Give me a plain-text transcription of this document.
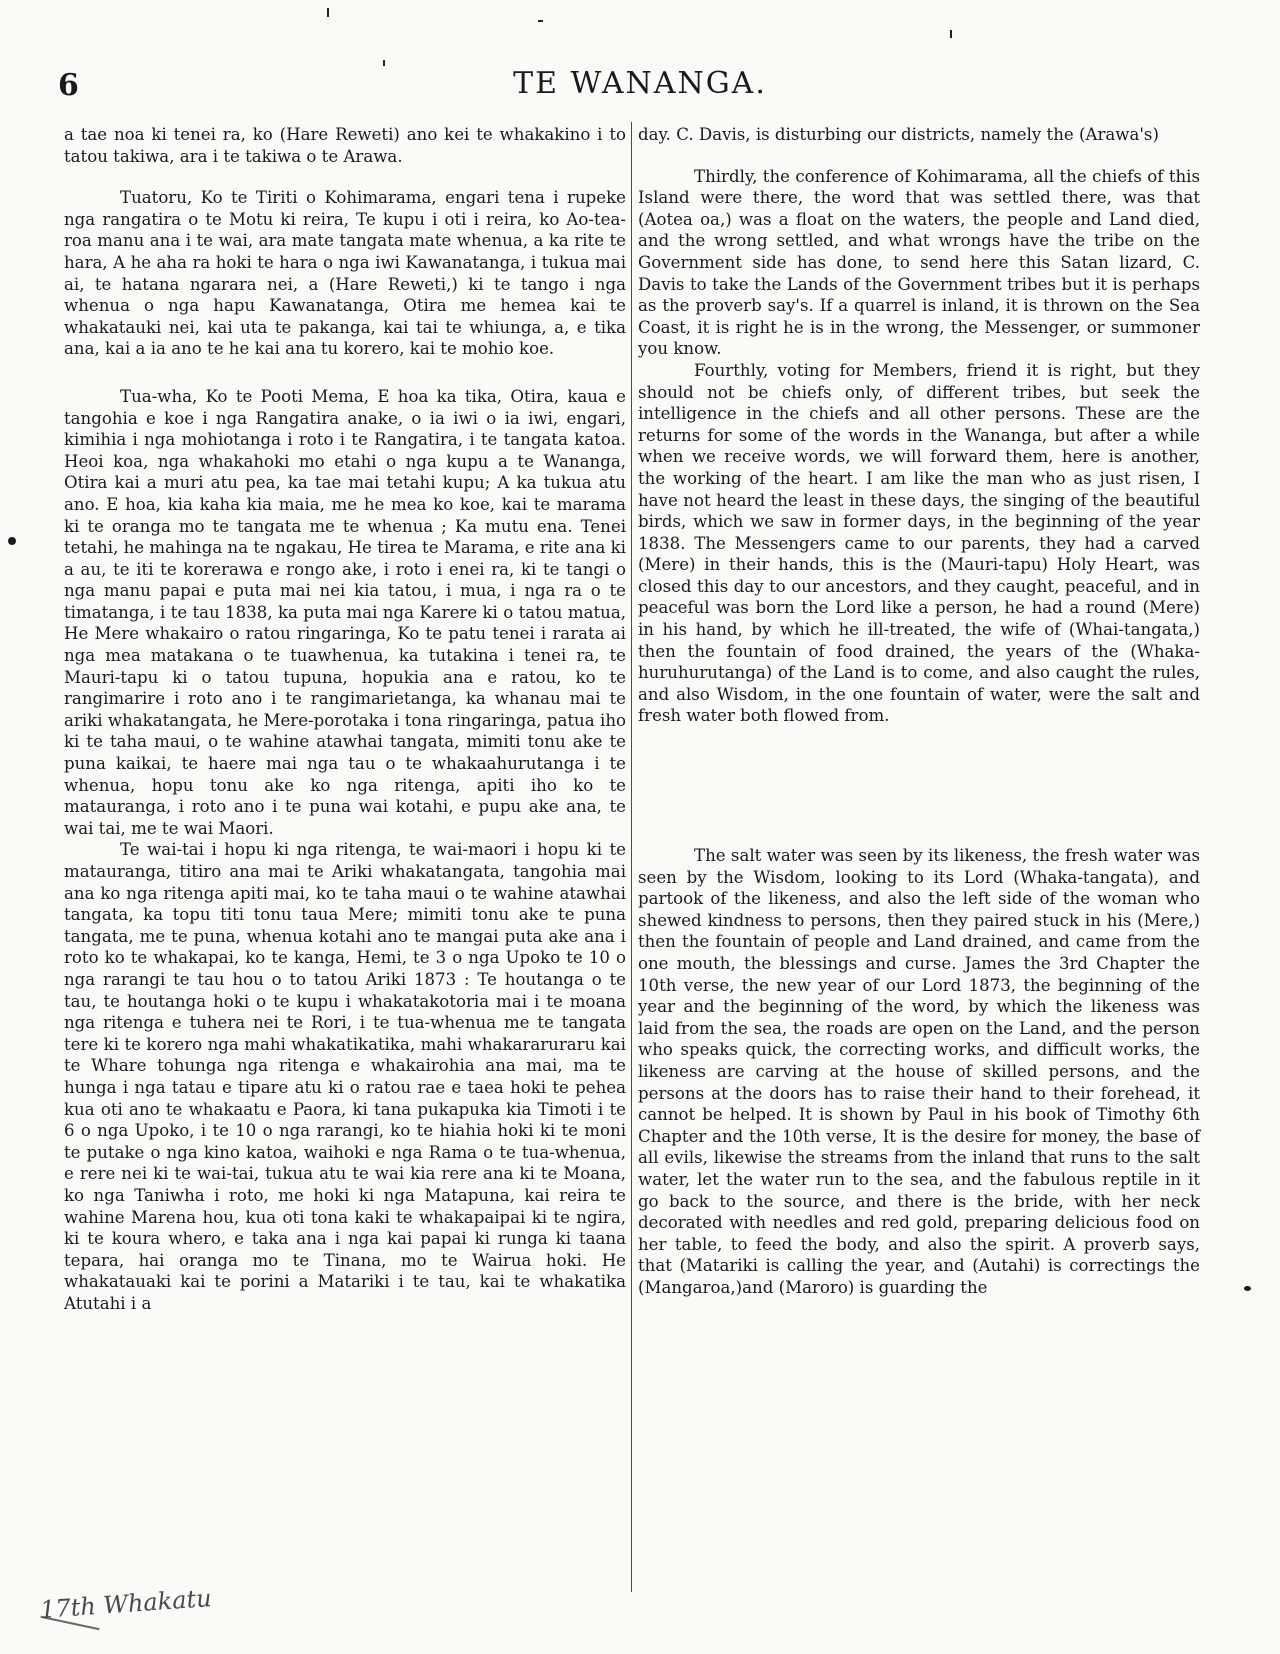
6	TE WANANGA.

a tae noa ki tenei ra, ko (Hare Reweti) ano kei te whakakino i to tatou takiwa, ara i te takiwa o te Arawa.

Tuatoru, Ko te Tiriti o Kohimarama, engari tena i rupeke nga rangatira o te Motu ki reira, Te kupu i oti i reira, ko Ao-tea-roa manu ana i te wai, ara mate tangata mate whenua, a ka rite te hara, A he aha ra hoki te hara o nga iwi Kawanatanga, i tukua mai ai, te hatana ngarara nei, a (Hare Reweti,) ki te tango i nga whenua o nga hapu Kawanatanga, Otira me hemea kai te whakatauki nei, kai uta te pakanga, kai tai te whiunga, a, e tika ana, kai a ia ano te he kai ana tu korero, kai te mohio koe.

Tua-wha, Ko te Pooti Mema, E hoa ka tika, Otira, kaua e tangohia e koe i nga Rangatira anake, o ia iwi o ia iwi, engari, kimihia i nga mohiotanga i roto i te Rangatira, i te tangata katoa. Heoi koa, nga whakahoki mo etahi o nga kupu a te Wananga, Otira kai a muri atu pea, ka tae mai tetahi kupu; A ka tukua atu ano. E hoa, kia kaha kia maia, me he mea ko koe, kai te marama ki te oranga mo te tangata me te whenua ; Ka mutu ena. Tenei tetahi, he mahinga na te ngakau, He tirea te Marama, e rite ana ki a au, te iti te korerawa e rongo ake, i roto i enei ra, ki te tangi o nga manu papai e puta mai nei kia tatou, i mua, i nga ra o te timatanga, i te tau 1838, ka puta mai nga Karere ki o tatou matua, He Mere whakairo o ratou ringaringa, Ko te patu tenei i rarata ai nga mea matakana o te tuawhenua, ka tutakina i tenei ra, te Mauri-tapu ki o tatou tupuna, hopukia ana e ratou, ko te rangimarire i roto ano i te rangimarietanga, ka whanau mai te ariki whakatangata, he Mere-porotaka i tona ringaringa, patua iho ki te taha maui, o te wahine atawhai tangata, mimiti tonu ake te puna kaikai, te haere mai nga tau o te whakaahurutanga i te whenua, hopu tonu ake ko nga ritenga, apiti iho ko te matauranga, i roto ano i te puna wai kotahi, e pupu ake ana, te wai tai, me te wai Maori.

Te wai-tai i hopu ki nga ritenga, te wai-maori i hopu ki te matauranga, titiro ana mai te Ariki whakatangata, tangohia mai ana ko nga ritenga apiti mai, ko te taha maui o te wahine atawhai tangata, ka topu titi tonu taua Mere; mimiti tonu ake te puna tangata, me te puna, whenua kotahi ano te mangai puta ake ana i roto ko te whakapai, ko te kanga, Hemi, te 3 o nga Upoko te 10 o nga rarangi te tau hou o to tatou Ariki 1873 : Te houtanga o te tau, te houtanga hoki o te kupu i whakatakotoria mai i te moana nga ritenga e tuhera nei te Rori, i te tua-whenua me te tangata tere ki te korero nga mahi whakatikatika, mahi whakararuraru kai te Whare tohunga nga ritenga e whakairohia ana mai, ma te hunga i nga tatau e tipare atu ki o ratou rae e taea hoki te pehea kua oti ano te whakaatu e Paora, ki tana pukapuka kia Timoti i te 6 o nga Upoko, i te 10 o nga rarangi, ko te hiahia hoki ki te moni te putake o nga kino katoa, waihoki e nga Rama o te tua-whenua, e rere nei ki te wai-tai, tukua atu te wai kia rere ana ki te Moana, ko nga Taniwha i roto, me hoki ki nga Matapuna, kai reira te wahine Marena hou, kua oti tona kaki te whakapaipai ki te ngira, ki te koura whero, e taka ana i nga kai papai ki runga ki taana tepara, hai oranga mo te Tinana, mo te Wairua hoki. He whakatauaki kai te porini a Matariki i te tau, kai te whakatika Atutahi i a

day. C. Davis, is disturbing our districts, namely the (Arawa's)

Thirdly, the conference of Kohimarama, all the chiefs of this Island were there, the word that was settled there, was that (Aotea oa,) was a float on the waters, the people and Land died, and the wrong settled, and what wrongs have the tribe on the Government side has done, to send here this Satan lizard, C. Davis to take the Lands of the Government tribes but it is perhaps as the proverb say's. If a quarrel is inland, it is thrown on the Sea Coast, it is right he is in the wrong, the Messenger, or summoner you know.

Fourthly, voting for Members, friend it is right, but they should not be chiefs only, of different tribes, but seek the intelligence in the chiefs and all other persons. These are the returns for some of the words in the Wananga, but after a while when we receive words, we will forward them, here is another, the working of the heart. I am like the man who as just risen, I have not heard the least in these days, the singing of the beautiful birds, which we saw in former days, in the beginning of the year 1838. The Messengers came to our parents, they had a carved (Mere) in their hands, this is the (Mauri-tapu) Holy Heart, was closed this day to our ancestors, and they caught, peaceful, and in peaceful was born the Lord like a person, he had a round (Mere) in his hand, by which he ill-treated, the wife of (Whai-tangata,) then the fountain of food drained, the years of the (Whaka-huruhurutanga) of the Land is to come, and also caught the rules, and also Wisdom, in the one fountain of water, were the salt and fresh water both flowed from.

The salt water was seen by its likeness, the fresh water was seen by the Wisdom, looking to its Lord (Whaka-tangata), and partook of the likeness, and also the left side of the woman who shewed kindness to persons, then they paired stuck in his (Mere,) then the fountain of people and Land drained, and came from the one mouth, the blessings and curse. James the 3rd Chapter the 10th verse, the new year of our Lord 1873, the beginning of the year and the beginning of the word, by which the likeness was laid from the sea, the roads are open on the Land, and the person who speaks quick, the correcting works, and difficult works, the likeness are carving at the house of skilled persons, and the persons at the doors has to raise their hand to their forehead, it cannot be helped. It is shown by Paul in his book of Timothy 6th Chapter and the 10th verse, It is the desire for money, the base of all evils, likewise the streams from the inland that runs to the salt water, let the water run to the sea, and the fabulous reptile in it go back to the source, and there is the bride, with her neck decorated with needles and red gold, preparing delicious food on her table, to feed the body, and also the spirit. A proverb says, that (Matariki is calling the year, and (Autahi) is correctings the (Mangaroa,)and (Maroro) is guarding the

17th Whakatu
